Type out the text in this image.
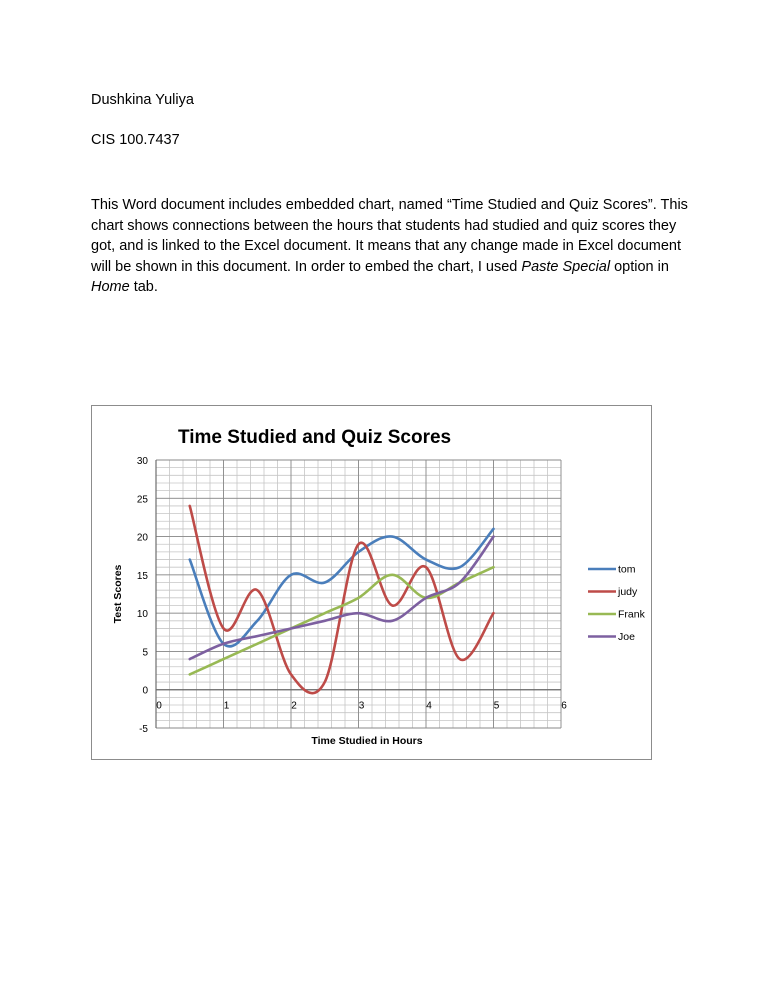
Dushkina Yuliya
CIS 100.7437
This Word document includes embedded chart, named “Time Studied and Quiz Scores”. This chart shows connections between the hours that students had studied and quiz scores they got, and is linked to the Excel document. It means that any change made in Excel document will be shown in this document. In order to embed the chart, I used Paste Special option in Home tab.
-5
0
5
10
15
20
25
30
0	1	2	3	4	5	6
Time Studied and Quiz Scores
Time Studied in Hours
Test Scores	tom
judy
Frank
Joe
